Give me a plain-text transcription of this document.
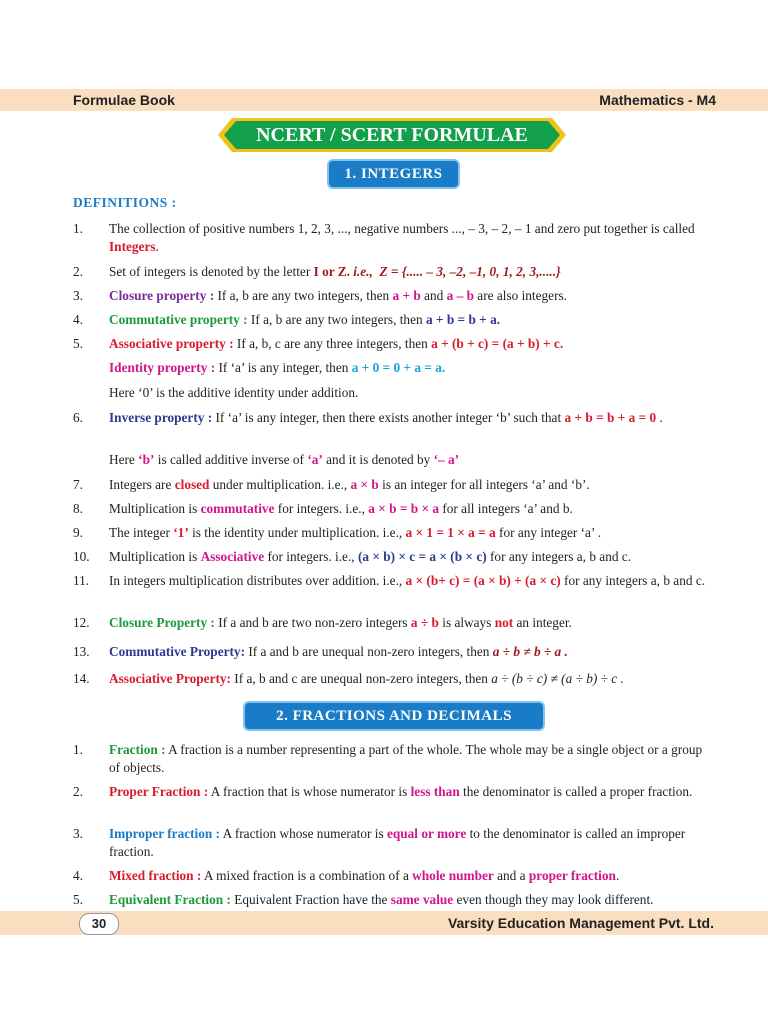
Formulae Book	Mathematics - M4
NCERT / SCERT FORMULAE
1. INTEGERS
DEFINITIONS :
1.	The collection of positive numbers 1, 2, 3, ..., negative numbers ..., – 3, – 2, – 1 and zero put together is called Integers.
2.	Set of integers is denoted by the letter I or Z. i.e., Z = {..... – 3, –2, –1, 0, 1, 2, 3,.....}
3.	Closure property : If a, b are any two integers, then a + b and a – b are also integers.
4.	Commutative property : If a, b are any two integers, then a + b = b + a.
5.	Associative property : If a, b, c are any three integers, then a + (b + c) = (a + b) + c.
Identity property : If ‘a’ is any integer, then a + 0 = 0 + a = a.
Here ‘0’ is the additive identity under addition.
6.	Inverse property : If ‘a’ is any integer, then there exists another integer ‘b’ such that a + b = b + a = 0 .
Here ‘b’ is called additive inverse of ‘a’ and it is denoted by ‘– a’
7.	Integers are closed under multiplication. i.e., a × b is an integer for all integers ‘a’ and ‘b’.
8.	Multiplication is commutative for integers. i.e., a × b = b × a for all integers ‘a’ and b.
9.	The integer ‘1’ is the identity under multiplication. i.e., a × 1 = 1 × a = a for any integer ‘a’ .
10.	Multiplication is Associative for integers. i.e., (a × b) × c = a × (b × c) for any integers a, b and c.
11.	In integers multiplication distributes over addition. i.e., a × (b+ c) = (a × b) + (a × c) for any integers a, b and c.
12.	Closure Property : If a and b are two non-zero integers a ÷ b is always not an integer.
13.	Commutative Property: If a and b are unequal non-zero integers, then a ÷ b ≠ b ÷ a .
14.	Associative Property: If a, b and c are unequal non-zero integers, then a ÷ (b ÷ c) ≠ (a ÷ b) ÷ c .
2. FRACTIONS AND DECIMALS
1.	Fraction : A fraction is a number representing a part of the whole. The whole may be a single object or a group of objects.
2.	Proper Fraction : A fraction that is whose numerator is less than the denominator is called a proper fraction.
3.	Improper fraction : A fraction whose numerator is equal or more to the denominator is called an improper fraction.
4.	Mixed fraction : A mixed fraction is a combination of a whole number and a proper fraction.
5.	Equivalent Fraction : Equivalent Fraction have the same value even though they may look different.
30	Varsity Education Management Pvt. Ltd.
